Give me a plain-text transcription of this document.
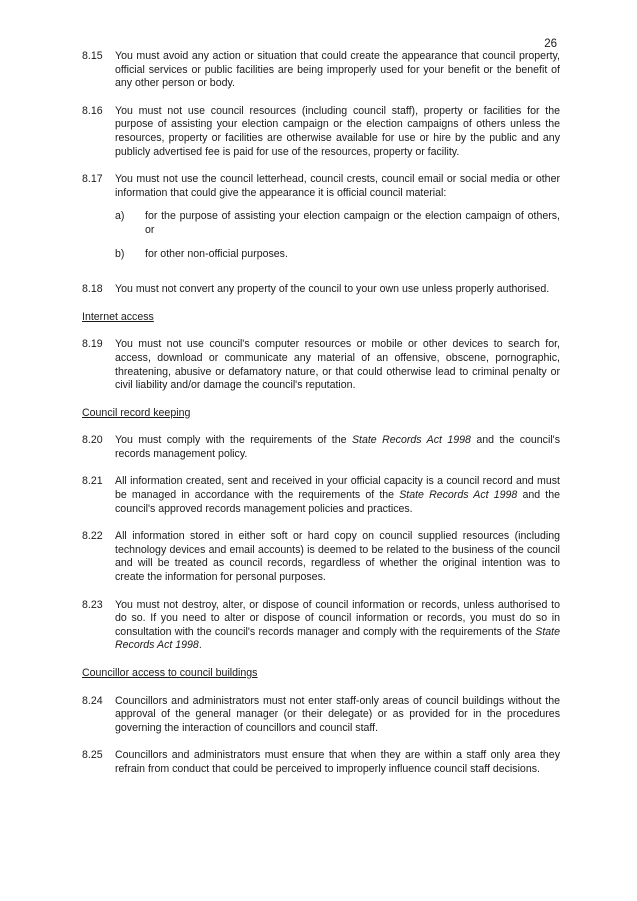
26
8.15	You must avoid any action or situation that could create the appearance that council property, official services or public facilities are being improperly used for your benefit or the benefit of any other person or body.
8.16	You must not use council resources (including council staff), property or facilities for the purpose of assisting your election campaign or the election campaigns of others unless the resources, property or facilities are otherwise available for use or hire by the public and any publicly advertised fee is paid for use of the resources, property or facility.
8.17	You must not use the council letterhead, council crests, council email or social media or other information that could give the appearance it is official council material:
a)	for the purpose of assisting your election campaign or the election campaign of others, or
b)	for other non-official purposes.
8.18	You must not convert any property of the council to your own use unless properly authorised.
Internet access
8.19	You must not use council's computer resources or mobile or other devices to search for, access, download or communicate any material of an offensive, obscene, pornographic, threatening, abusive or defamatory nature, or that could otherwise lead to criminal penalty or civil liability and/or damage the council's reputation.
Council record keeping
8.20	You must comply with the requirements of the State Records Act 1998 and the council's records management policy.
8.21	All information created, sent and received in your official capacity is a council record and must be managed in accordance with the requirements of the State Records Act 1998 and the council's approved records management policies and practices.
8.22	All information stored in either soft or hard copy on council supplied resources (including technology devices and email accounts) is deemed to be related to the business of the council and will be treated as council records, regardless of whether the original intention was to create the information for personal purposes.
8.23	You must not destroy, alter, or dispose of council information or records, unless authorised to do so. If you need to alter or dispose of council information or records, you must do so in consultation with the council's records manager and comply with the requirements of the State Records Act 1998.
Councillor access to council buildings
8.24	Councillors and administrators must not enter staff-only areas of council buildings without the approval of the general manager (or their delegate) or as provided for in the procedures governing the interaction of councillors and council staff.
8.25	Councillors and administrators must ensure that when they are within a staff only area they refrain from conduct that could be perceived to improperly influence council staff decisions.
